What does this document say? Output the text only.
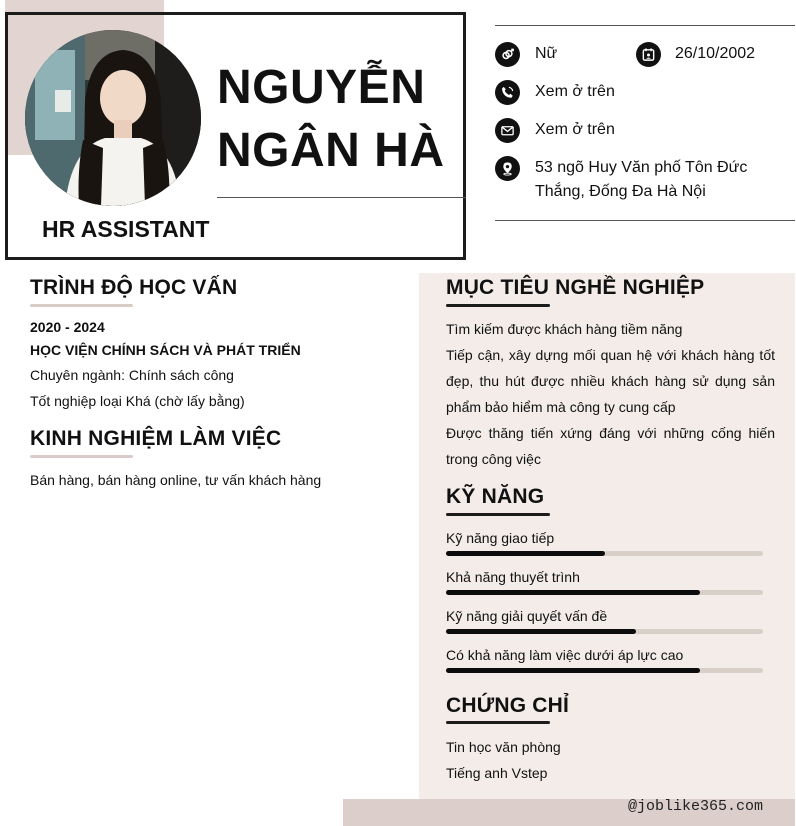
NGUYỄN
NGÂN HÀ
HR ASSISTANT
Nữ	26/10/2002
Xem ở trên
Xem ở trên
53 ngõ Huy Văn phố Tôn Đức
Thắng, Đống Đa Hà Nội
TRÌNH ĐỘ HỌC VẤN
2020 - 2024
HỌC VIỆN CHÍNH SÁCH VÀ PHÁT TRIỂN
Chuyên ngành: Chính sách công
Tốt nghiệp loại Khá (chờ lấy bằng)
KINH NGHIỆM LÀM VIỆC
Bán hàng, bán hàng online, tư vấn khách hàng
MỤC TIÊU NGHỀ NGHIỆP
Tìm kiếm được khách hàng tiềm năng
Tiếp cận, xây dựng mối quan hệ với khách hàng tốt đẹp, thu hút được nhiều khách hàng sử dụng sản phẩm bảo hiểm mà công ty cung cấp
Được thăng tiến xứng đáng với những cống hiến trong công việc
KỸ NĂNG
Kỹ năng giao tiếp
Khả năng thuyết trình
Kỹ năng giải quyết vấn đề
Có khả năng làm việc dưới áp lực cao
CHỨNG CHỈ
Tin học văn phòng
Tiếng anh Vstep
@joblike365.com
